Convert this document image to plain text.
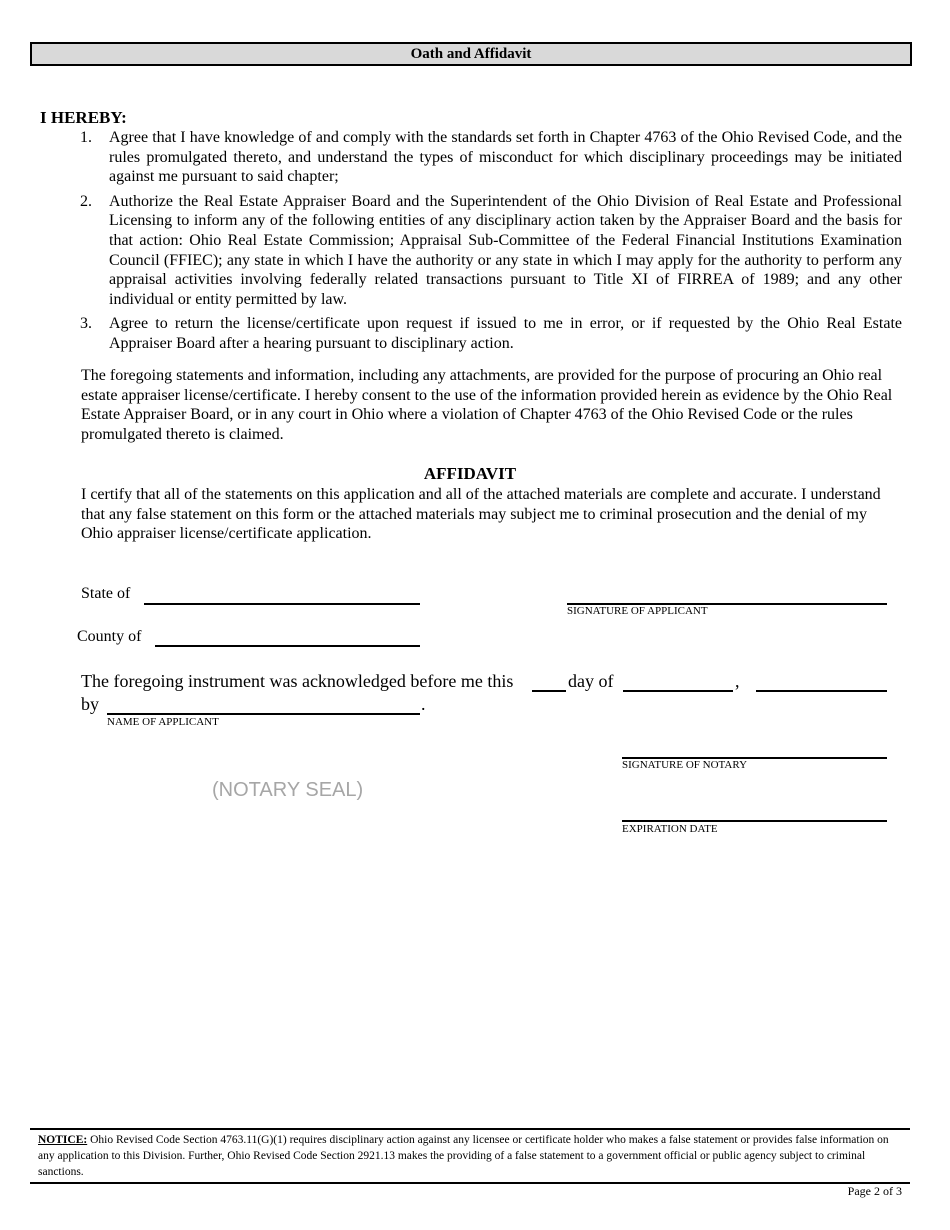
Oath and Affidavit
I HEREBY:
1.	Agree that I have knowledge of and comply with the standards set forth in Chapter 4763 of the Ohio Revised Code, and the rules promulgated thereto, and understand the types of misconduct for which disciplinary proceedings may be initiated against me pursuant to said chapter;
2.	Authorize the Real Estate Appraiser Board and the Superintendent of the Ohio Division of Real Estate and Professional Licensing to inform any of the following entities of any disciplinary action taken by the Appraiser Board and the basis for that action: Ohio Real Estate Commission; Appraisal Sub-Committee of the Federal Financial Institutions Examination Council (FFIEC); any state in which I have the authority or any state in which I may apply for the authority to perform any appraisal activities involving federally related transactions pursuant to Title XI of FIRREA of 1989; and any other individual or entity permitted by law.
3.	Agree to return the license/certificate upon request if issued to me in error, or if requested by the Ohio Real Estate Appraiser Board after a hearing pursuant to disciplinary action.
The foregoing statements and information, including any attachments, are provided for the purpose of procuring an Ohio real estate appraiser license/certificate. I hereby consent to the use of the information provided herein as evidence by the Ohio Real Estate Appraiser Board, or in any court in Ohio where a violation of Chapter 4763 of the Ohio Revised Code or the rules promulgated thereto is claimed.
AFFIDAVIT
I certify that all of the statements on this application and all of the attached materials are complete and accurate. I understand that any false statement on this form or the attached materials may subject me to criminal prosecution and the denial of my Ohio appraiser license/certificate application.
State of
SIGNATURE OF APPLICANT
County of
The foregoing instrument was acknowledged before me this	day of	,
by	.
NAME OF APPLICANT
SIGNATURE OF NOTARY
(NOTARY SEAL)
EXPIRATION DATE
NOTICE: Ohio Revised Code Section 4763.11(G)(1) requires disciplinary action against any licensee or certificate holder who makes a false statement or provides false information on any application to this Division. Further, Ohio Revised Code Section 2921.13 makes the providing of a false statement to a government official or public agency subject to criminal sanctions.
Page 2 of 3
